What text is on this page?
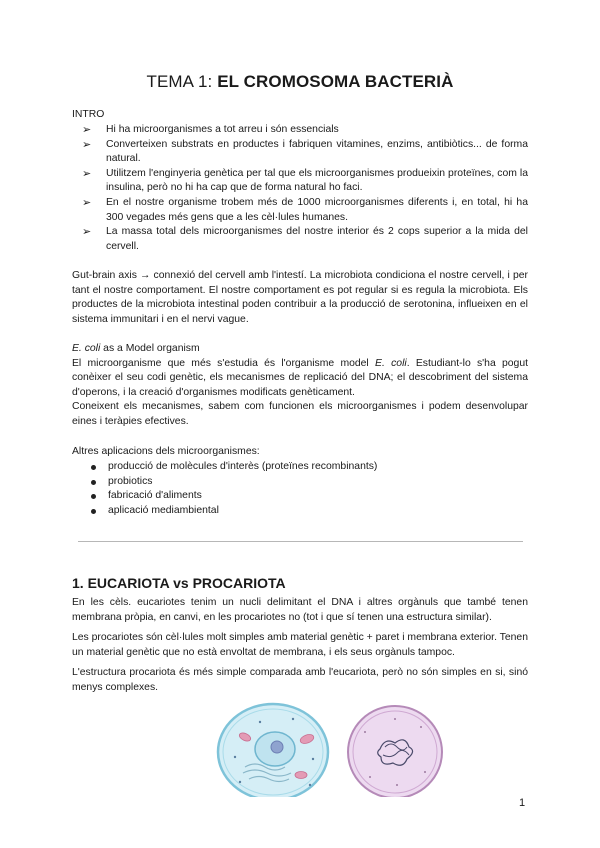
TEMA 1: EL CROMOSOMA BACTERIÀ
INTRO
➢ Hi ha microorganismes a tot arreu i són essencials
➢ Converteixen substrats en productes i fabriquen vitamines, enzims, antibiòtics... de forma natural.
➢ Utilitzem l'enginyeria genètica per tal que els microorganismes produeixin proteïnes, com la insulina, però no hi ha cap que de forma natural ho faci.
➢ En el nostre organisme trobem més de 1000 microorganismes diferents i, en total, hi ha 300 vegades més gens que a les cèl·lules humanes.
➢ La massa total dels microorganismes del nostre interior és 2 cops superior a la mida del cervell.
Gut-brain axis → connexió del cervell amb l'intestí. La microbiota condiciona el nostre cervell, i per tant el nostre comportament. El nostre comportament es pot regular si es regula la microbiota. Els productes de la microbiota intestinal poden contribuir a la producció de serotonina, influeixen en el sistema immunitari i en el nervi vague.
E. coli as a Model organism
El microorganisme que més s'estudia és l'organisme model E. coli. Estudiant-lo s'ha pogut conèixer el seu codi genètic, els mecanismes de replicació del DNA; el descobriment del sistema d'operons, i la creació d'organismes modificats genèticament.
Coneixent els mecanismes, sabem com funcionen els microorganismes i podem desenvolupar eines i teràpies efectives.
Altres aplicacions dels microorganismes:
producció de molècules d'interès (proteïnes recombinants)
probiotics
fabricació d'aliments
aplicació mediambiental
1. EUCARIOTA vs PROCARIOTA

En les cèls. eucariotes tenim un nucli delimitant el DNA i altres orgànuls que també tenen membrana pròpia, en canvi, en les procariotes no (tot i que sí tenen una estructura similar).

Les procariotes són cèl·lules molt simples amb material genètic + paret i membrana exterior. Tenen un material genètic que no està envoltat de membrana, i els seus orgànuls tampoc.

L'estructura procariota és més simple comparada amb l'eucariota, però no són simples en si, sinó menys complexes.

1
